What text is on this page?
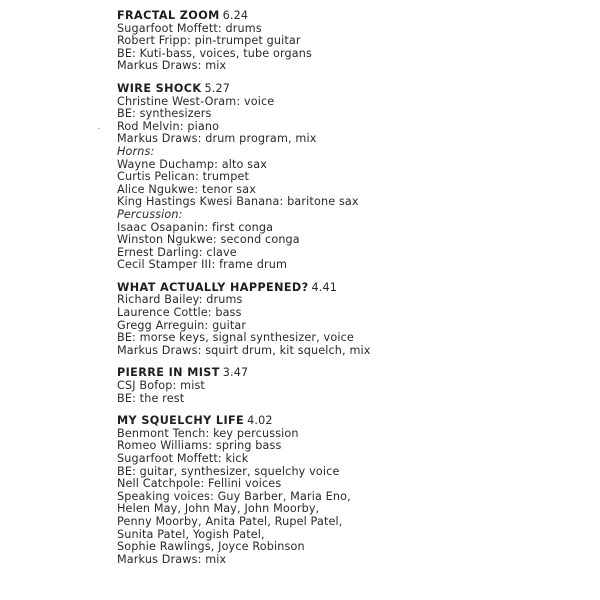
FRACTAL ZOOM 6.24
Sugarfoot Moffett: drums
Robert Fripp: pin-trumpet guitar
BE: Kuti-bass, voices, tube organs
Markus Draws: mix
WIRE SHOCK 5.27
Christine West-Oram: voice
BE: synthesizers
Rod Melvin: piano
Markus Draws: drum program, mix
Horns:
Wayne Duchamp: alto sax
Curtis Pelican: trumpet
Alice Ngukwe: tenor sax
King Hastings Kwesi Banana: baritone sax
Percussion:
Isaac Osapanin: first conga
Winston Ngukwe: second conga
Ernest Darling: clave
Cecil Stamper III: frame drum
WHAT ACTUALLY HAPPENED? 4.41
Richard Bailey: drums
Laurence Cottle: bass
Gregg Arreguin: guitar
BE: morse keys, signal synthesizer, voice
Markus Draws: squirt drum, kit squelch, mix
PIERRE IN MIST 3.47
CSJ Bofop: mist
BE: the rest
MY SQUELCHY LIFE 4.02
Benmont Tench: key percussion
Romeo Williams: spring bass
Sugarfoot Moffett: kick
BE: guitar, synthesizer, squelchy voice
Nell Catchpole: Fellini voices
Speaking voices: Guy Barber, Maria Eno,
Helen May, John May, John Moorby,
Penny Moorby, Anita Patel, Rupel Patel,
Sunita Patel, Yogish Patel,
Sophie Rawlings, Joyce Robinson
Markus Draws: mix
